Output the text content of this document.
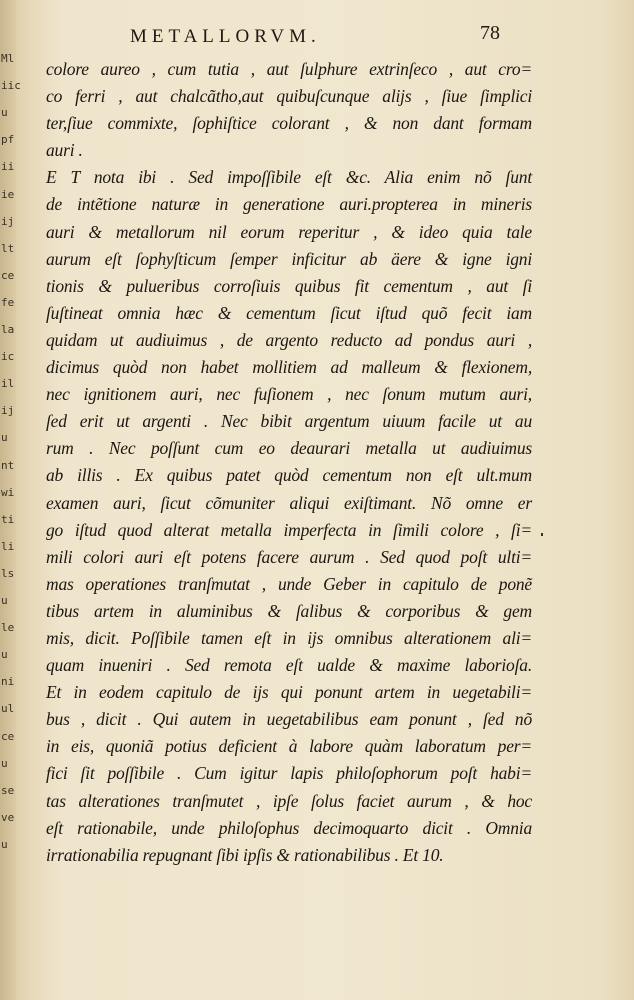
Ml
iic
u
pf
ii
ie
ij
lt
ce
fe
la
ic
il
ij
u
nt
wi
ti
li
ls
u
le
u
ni
ul
ce
u
se
ve
u
METALLORVM.	78
colore aureo , cum tutia , aut ſulphure extrinſeco , aut cro=
co ferri , aut chalcãtho,aut quibuſcunque alijs , ſiue ſimplici
ter,ſiue commixte, ſophiſtice colorant , & non dant formam
auri .
E T nota ibi . Sed impoſſibile eſt &c. Alia enim nõ ſunt
de intẽtione naturæ in generatione auri.propterea in mineris
auri & metallorum nil eorum reperitur , & ideo quia tale
aurum eſt ſophyſticum ſemper inficitur ab äere & igne igni
tionis & pulueribus corroſiuis quibus fit cementum , aut ſi
ſuſtineat omnia hæc & cementum ſicut iſtud quõ fecit iam
quidam ut audiuimus , de argento reducto ad pondus auri ,
dicimus quòd non habet mollitiem ad malleum & flexionem,
nec ignitionem auri, nec fuſionem , nec ſonum mutum auri,
ſed erit ut argenti . Nec bibit argentum uiuum facile ut au
rum . Nec poſſunt cum eo deaurari metalla ut audiuimus
ab illis . Ex quibus patet quòd cementum non eſt ult.mum
examen auri, ſicut cõmuniter aliqui exiſtimant. Nõ omne er
go iſtud quod alterat metalla imperfecta in ſimili colore , ſi=
mili colori auri eſt potens facere aurum . Sed quod poſt ulti=
mas operationes tranſmutat , unde Geber in capitulo de ponẽ
tibus artem in aluminibus & ſalibus & corporibus & gem
mis, dicit. Poſſibile tamen eſt in ijs omnibus alterationem ali=
quam inueniri . Sed remota eſt ualde & maxime laborioſa.
Et in eodem capitulo de ijs qui ponunt artem in uegetabili=
bus , dicit . Qui autem in uegetabilibus eam ponunt , ſed nõ
in eis, quoniã potius deficient à labore quàm laboratum per=
fici ſit poſſibile . Cum igitur lapis philoſophorum poſt habi=
tas alterationes tranſmutet , ipſe ſolus faciet aurum , & hoc
eſt rationabile, unde philoſophus decimoquarto dicit . Omnia
irrationabilia repugnant ſibi ipſis & rationabilibus . Et 10.
